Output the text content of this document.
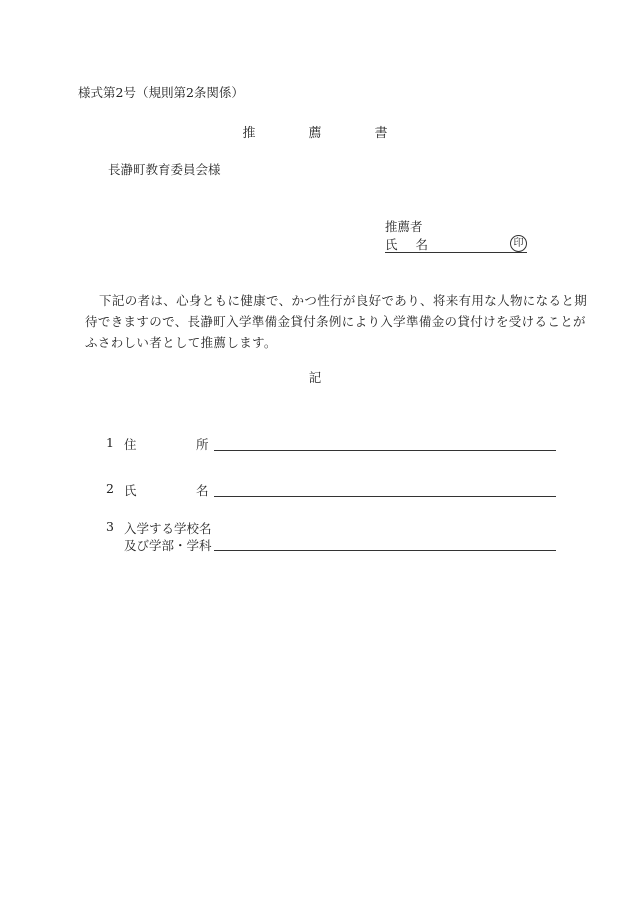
様式第2号（規則第2条関係）
推	薦	書
長瀞町教育委員会様
推薦者
氏 名	印
下記の者は、心身ともに健康で、かつ性行が良好であり、将来有用な人物になると期
待できますので、長瀞町入学準備金貸付条例により入学準備金の貸付けを受けることが
ふさわしい者として推薦します。
記
1 住	所
2 氏	名
3 入学する学校名
及び学部・学科
